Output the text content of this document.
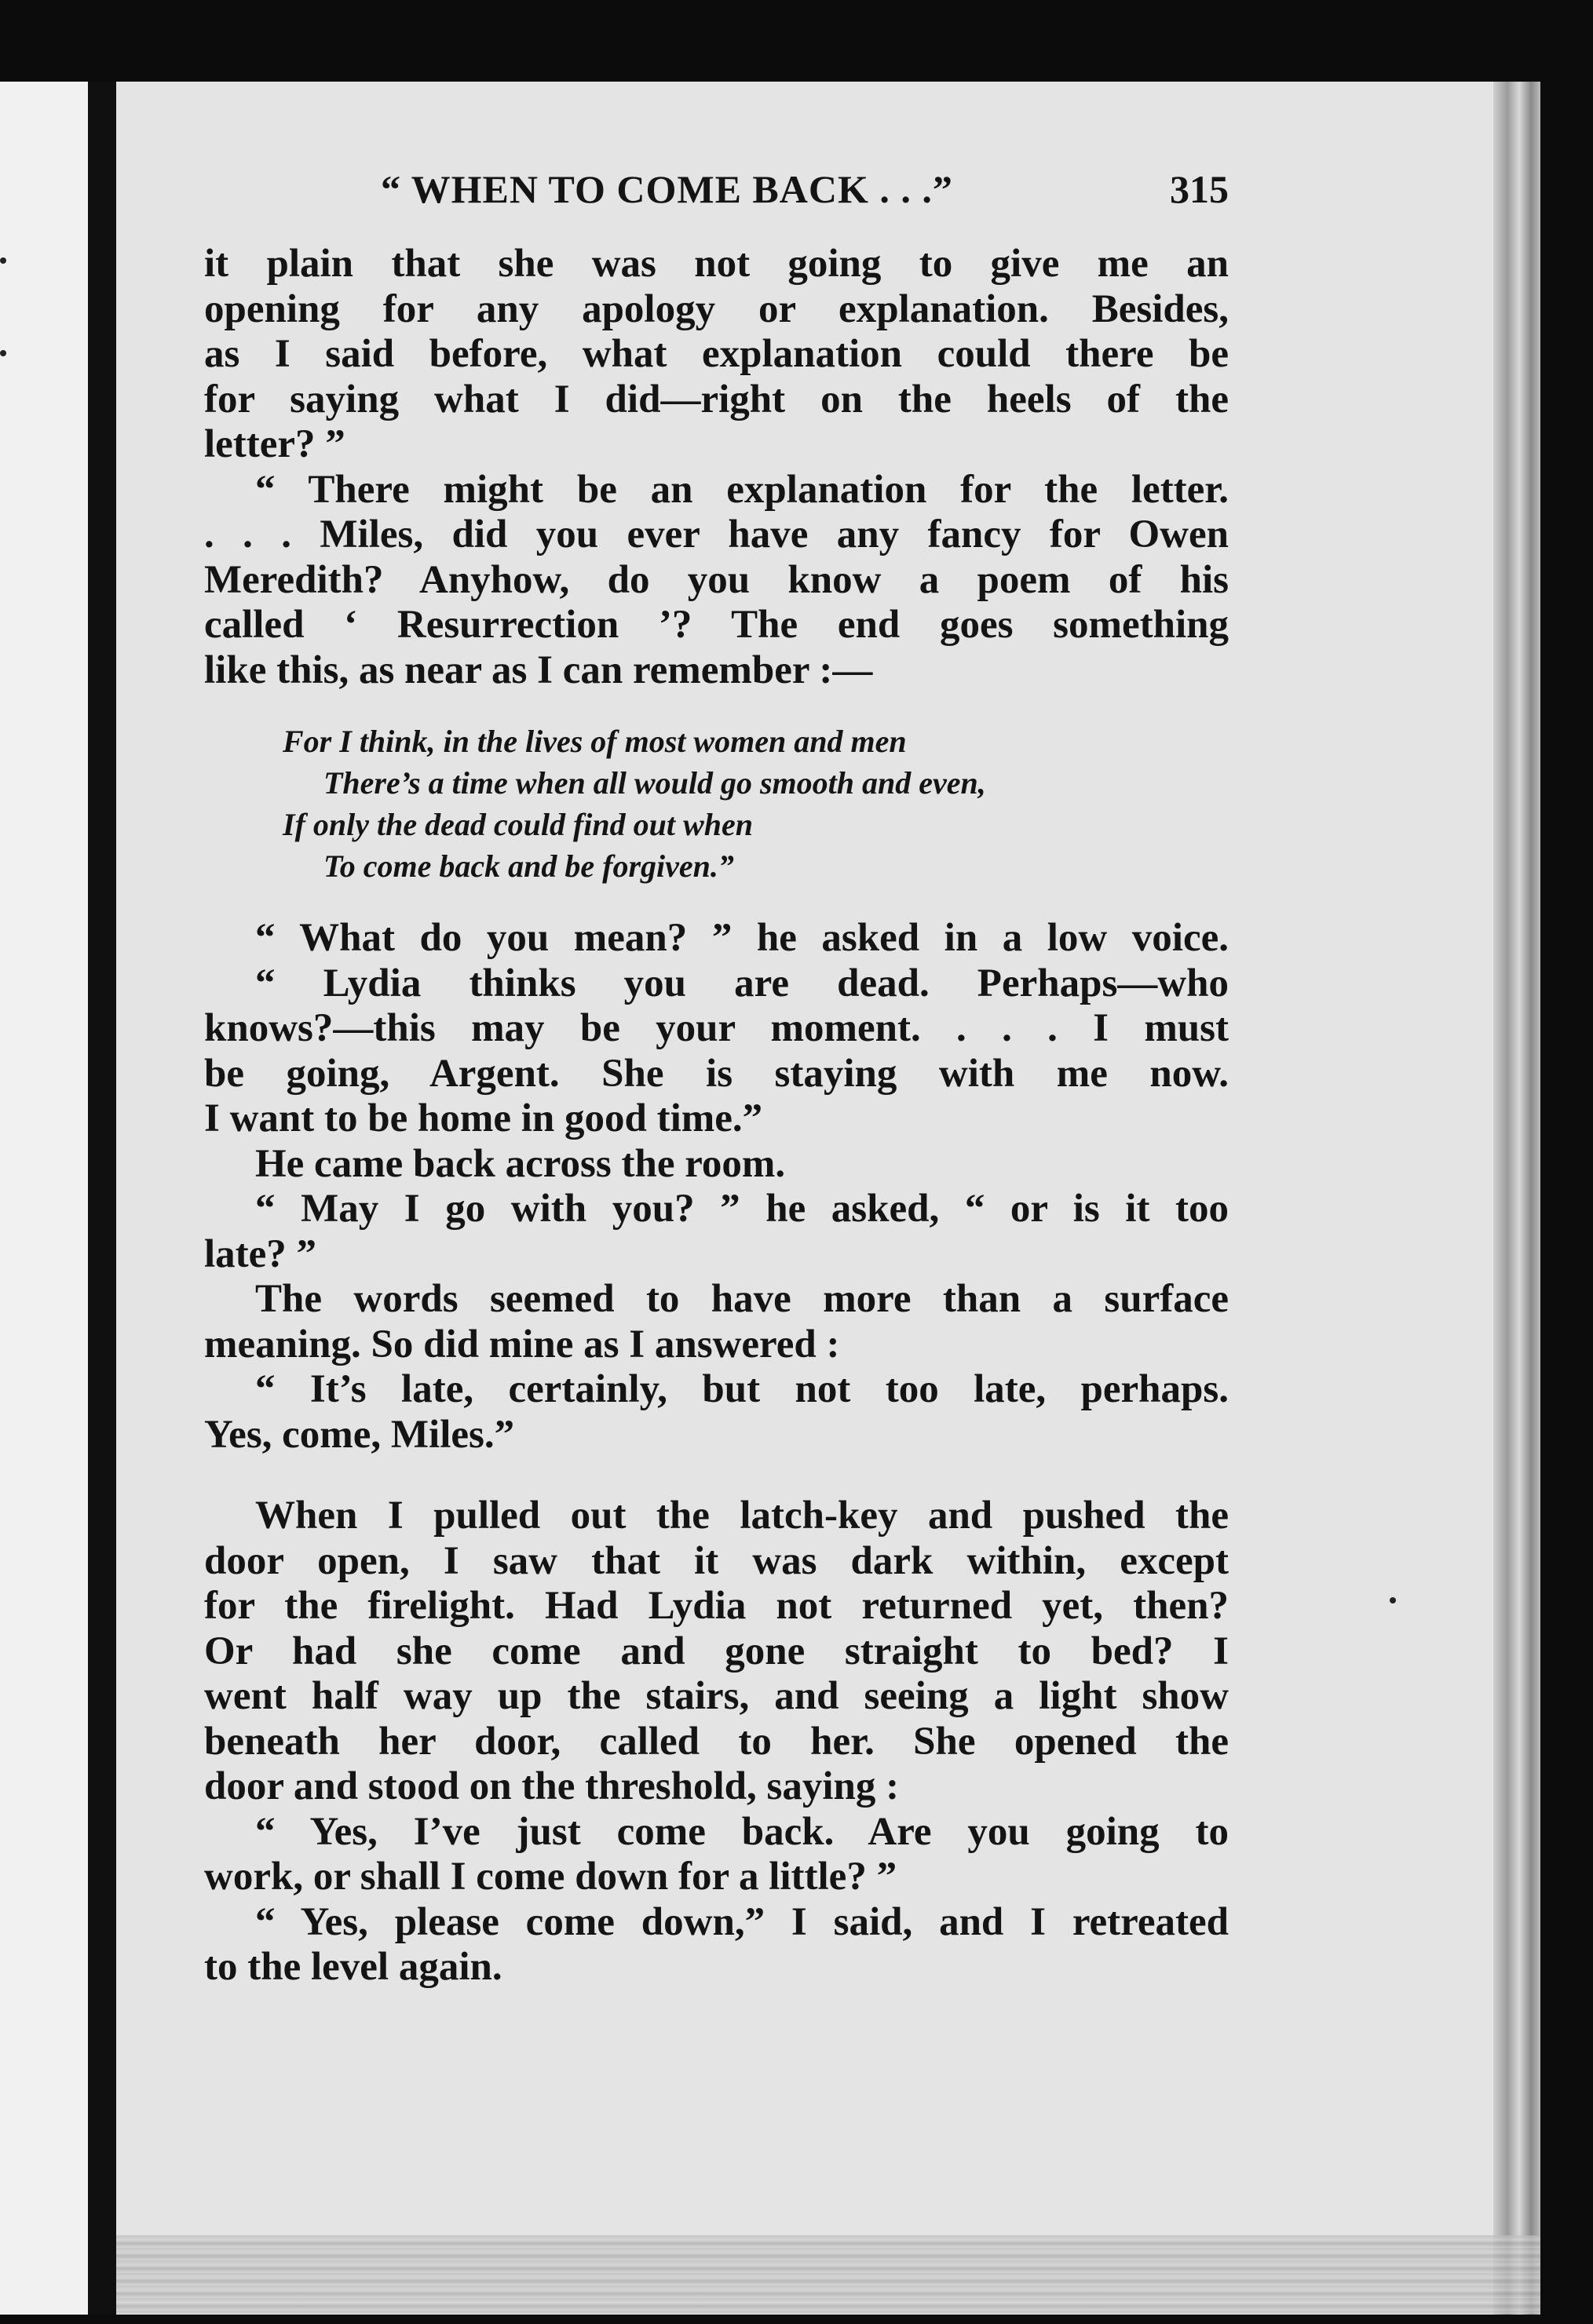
“ WHEN TO COME BACK . . .”	315
it plain that she was not going to give me an
opening for any apology or explanation. Besides,
as I said before, what explanation could there be
for saying what I did—right on the heels of the
letter? ”
“ There might be an explanation for the letter.
. . . Miles, did you ever have any fancy for Owen
Meredith? Anyhow, do you know a poem of his
called ‘ Resurrection ’? The end goes something
like this, as near as I can remember :—
For I think, in the lives of most women and men
There’s a time when all would go smooth and even,
If only the dead could find out when
To come back and be forgiven.”
“ What do you mean? ” he asked in a low voice.
“ Lydia thinks you are dead. Perhaps—who
knows?—this may be your moment. . . . I must
be going, Argent. She is staying with me now.
I want to be home in good time.”
He came back across the room.
“ May I go with you? ” he asked, “ or is it too
late? ”
The words seemed to have more than a surface
meaning. So did mine as I answered :
“ It’s late, certainly, but not too late, perhaps.
Yes, come, Miles.”
When I pulled out the latch-key and pushed the
door open, I saw that it was dark within, except
for the firelight. Had Lydia not returned yet, then?
Or had she come and gone straight to bed? I
went half way up the stairs, and seeing a light show
beneath her door, called to her. She opened the
door and stood on the threshold, saying :
“ Yes, I’ve just come back. Are you going to
work, or shall I come down for a little? ”
“ Yes, please come down,” I said, and I retreated
to the level again.
